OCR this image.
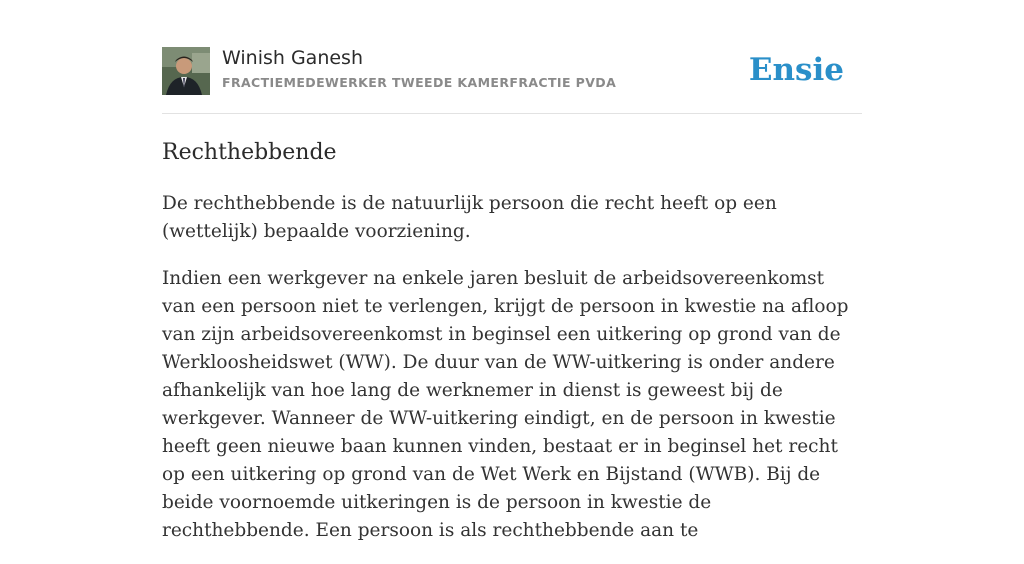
Winish Ganesh
FRACTIEMEDEWERKER TWEEDE KAMERFRACTIE PVDA	Ensie
Rechthebbende

De rechthebbende is de natuurlijk persoon die recht heeft op een (wettelijk) bepaalde voorziening.

Indien een werkgever na enkele jaren besluit de arbeidsovereenkomst van een persoon niet te verlengen, krijgt de persoon in kwestie na afloop van zijn arbeidsovereenkomst in beginsel een uitkering op grond van de Werkloosheidswet (WW). De duur van de WW-uitkering is onder andere afhankelijk van hoe lang de werknemer in dienst is geweest bij de werkgever. Wanneer de WW-uitkering eindigt, en de persoon in kwestie heeft geen nieuwe baan kunnen vinden, bestaat er in beginsel het recht op een uitkering op grond van de Wet Werk en Bijstand (WWB). Bij de beide voornoemde uitkeringen is de persoon in kwestie de rechthebbende. Een persoon is als rechthebbende aan te
